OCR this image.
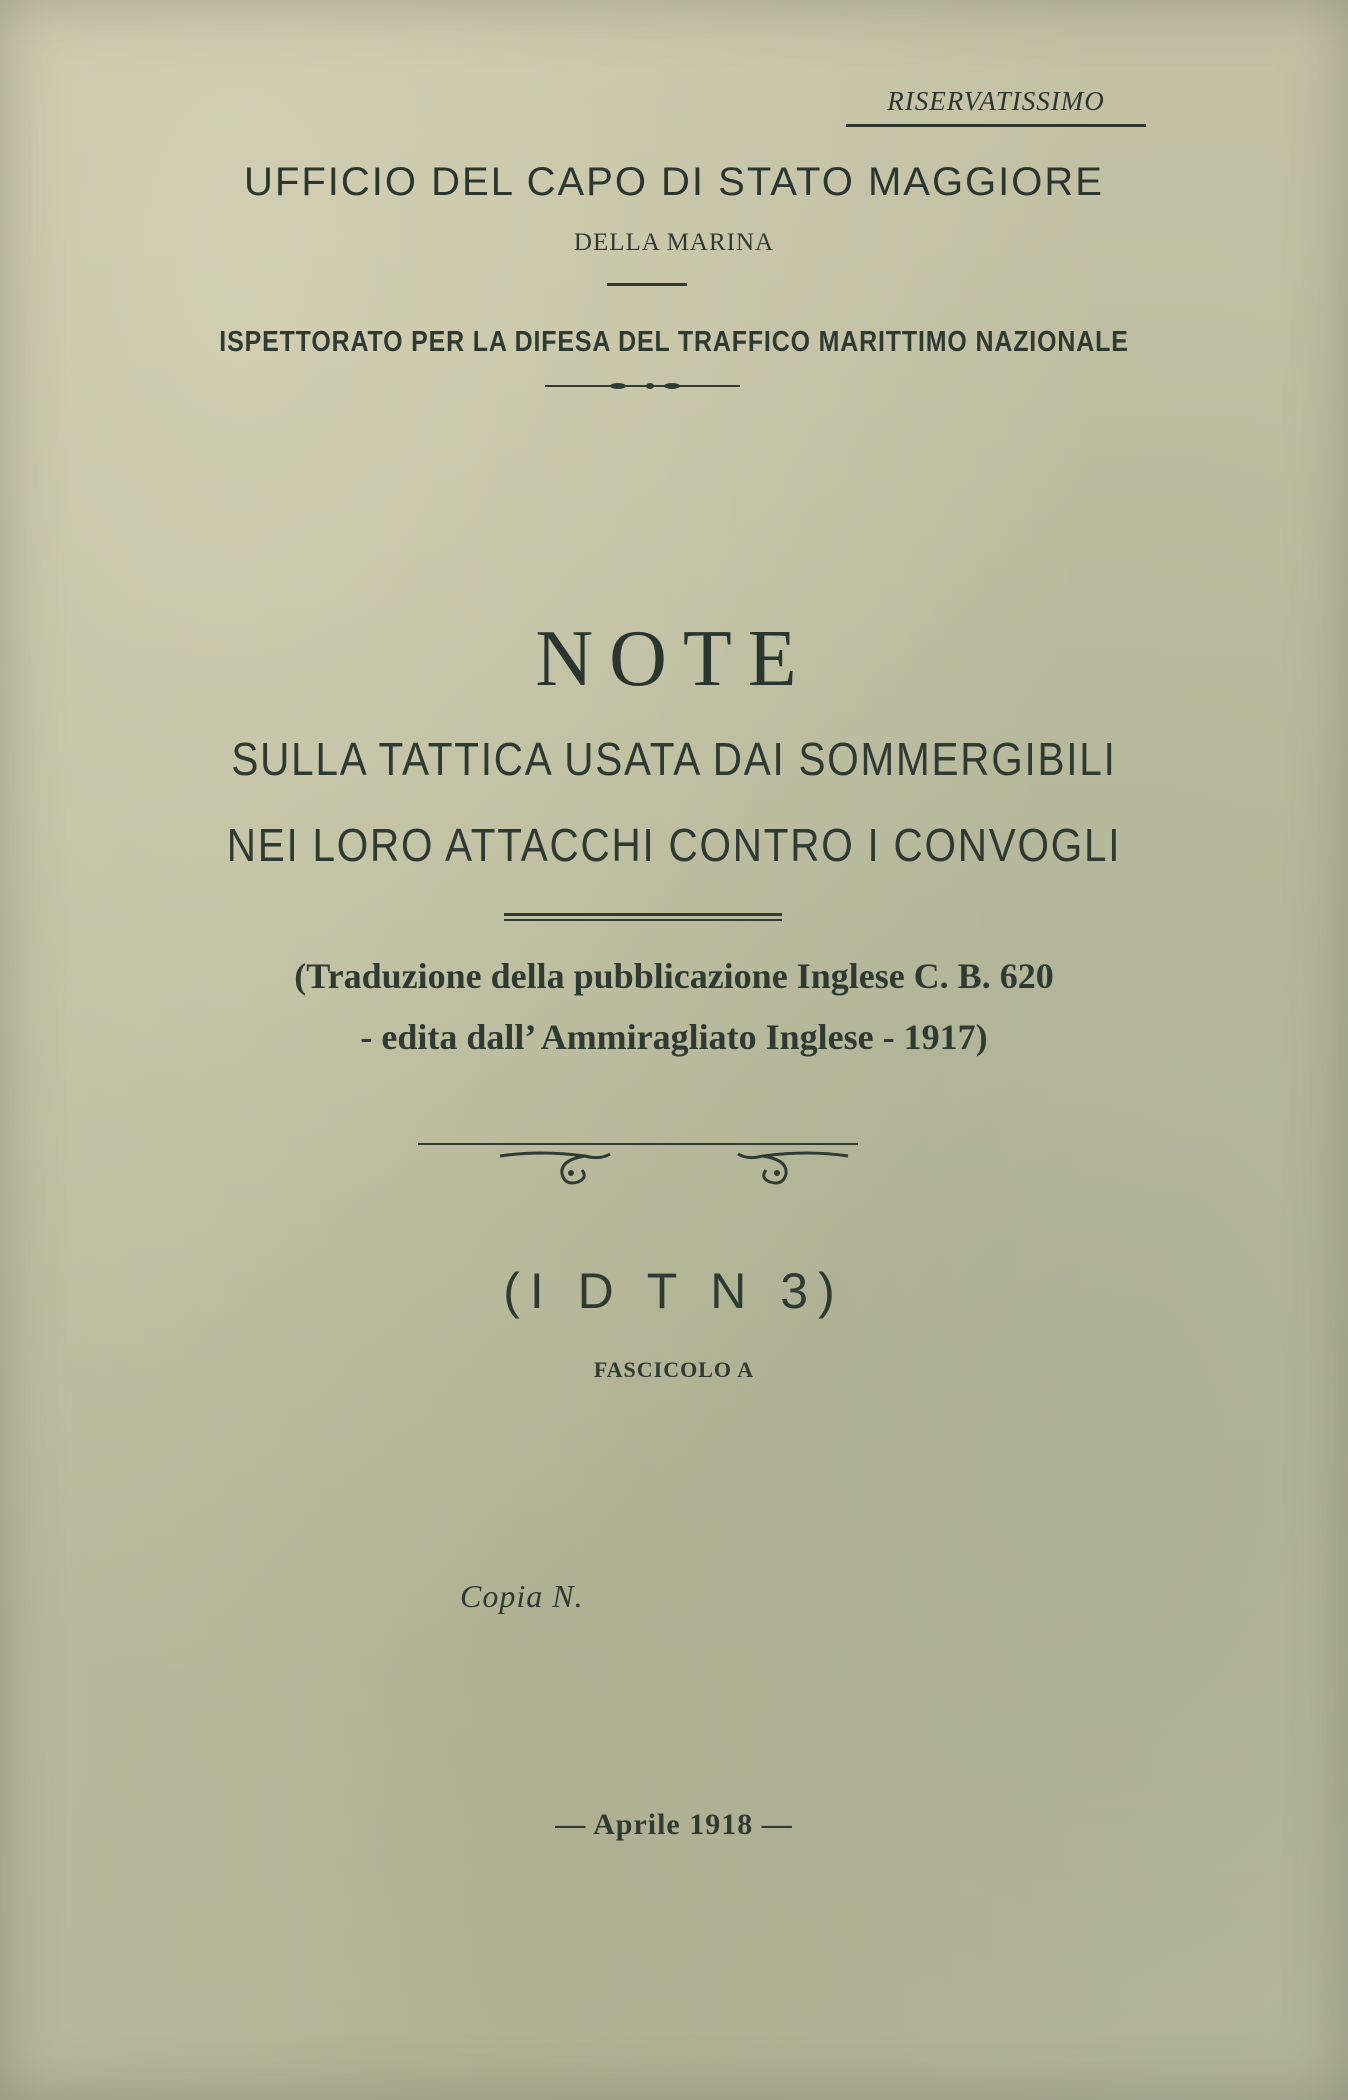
RISERVATISSIMO
UFFICIO DEL CAPO DI STATO MAGGIORE
DELLA MARINA
ISPETTORATO PER LA DIFESA DEL TRAFFICO MARITTIMO NAZIONALE
NOTE
SULLA TATTICA USATA DAI SOMMERGIBILI
NEI LORO ATTACCHI CONTRO I CONVOGLI
(Traduzione della pubblicazione Inglese C. B. 620
- edita dall’ Ammiragliato Inglese - 1917)
(I D T N 3)
FASCICOLO A
Copia N.
— Aprile 1918 —
